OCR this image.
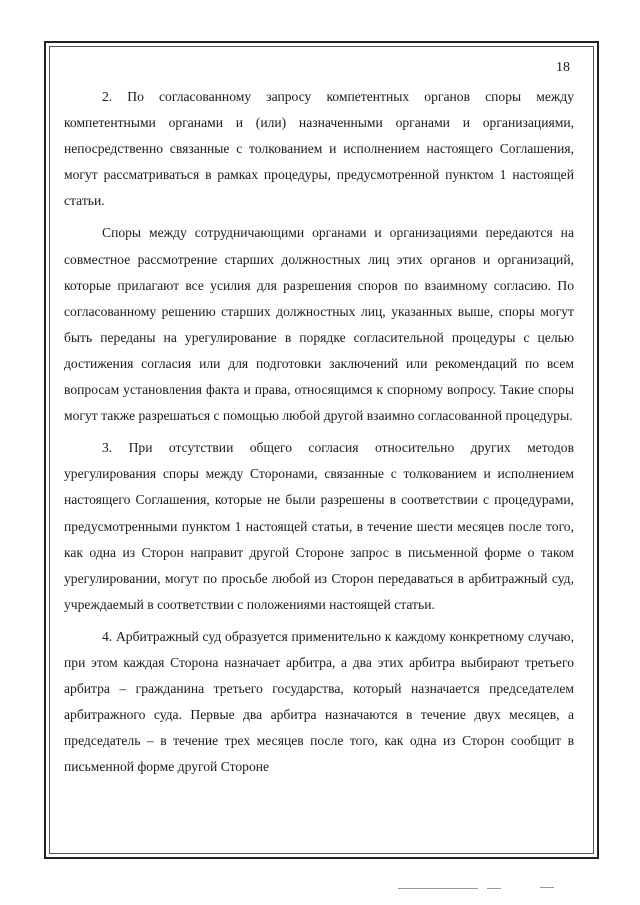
18

2. По согласованному запросу компетентных органов споры между компетентными органами и (или) назначенными органами и организациями, непосредственно связанные с толкованием и исполнением настоящего Соглашения, могут рассматриваться в рамках процедуры, предусмотренной пунктом 1 настоящей статьи.

Споры между сотрудничающими органами и организациями передаются на совместное рассмотрение старших должностных лиц этих органов и организаций, которые прилагают все усилия для разрешения споров по взаимному согласию. По согласованному решению старших должностных лиц, указанных выше, споры могут быть переданы на урегулирование в порядке согласительной процедуры с целью достижения согласия или для подготовки заключений или рекомендаций по всем вопросам установления факта и права, относящимся к спорному вопросу. Такие споры могут также разрешаться с помощью любой другой взаимно согласованной процедуры.

3. При отсутствии общего согласия относительно других методов урегулирования споры между Сторонами, связанные с толкованием и исполнением настоящего Соглашения, которые не были разрешены в соответствии с процедурами, предусмотренными пунктом 1 настоящей статьи, в течение шести месяцев после того, как одна из Сторон направит другой Стороне запрос в письменной форме о таком урегулировании, могут по просьбе любой из Сторон передаваться в арбитражный суд, учреждаемый в соответствии с положениями настоящей статьи.

4. Арбитражный суд образуется применительно к каждому конкретному случаю, при этом каждая Сторона назначает арбитра, а два этих арбитра выбирают третьего арбитра – гражданина третьего государства, который назначается председателем арбитражного суда. Первые два арбитра назначаются в течение двух месяцев, а председатель – в течение трех месяцев после того, как одна из Сторон сообщит в письменной форме другой Стороне
